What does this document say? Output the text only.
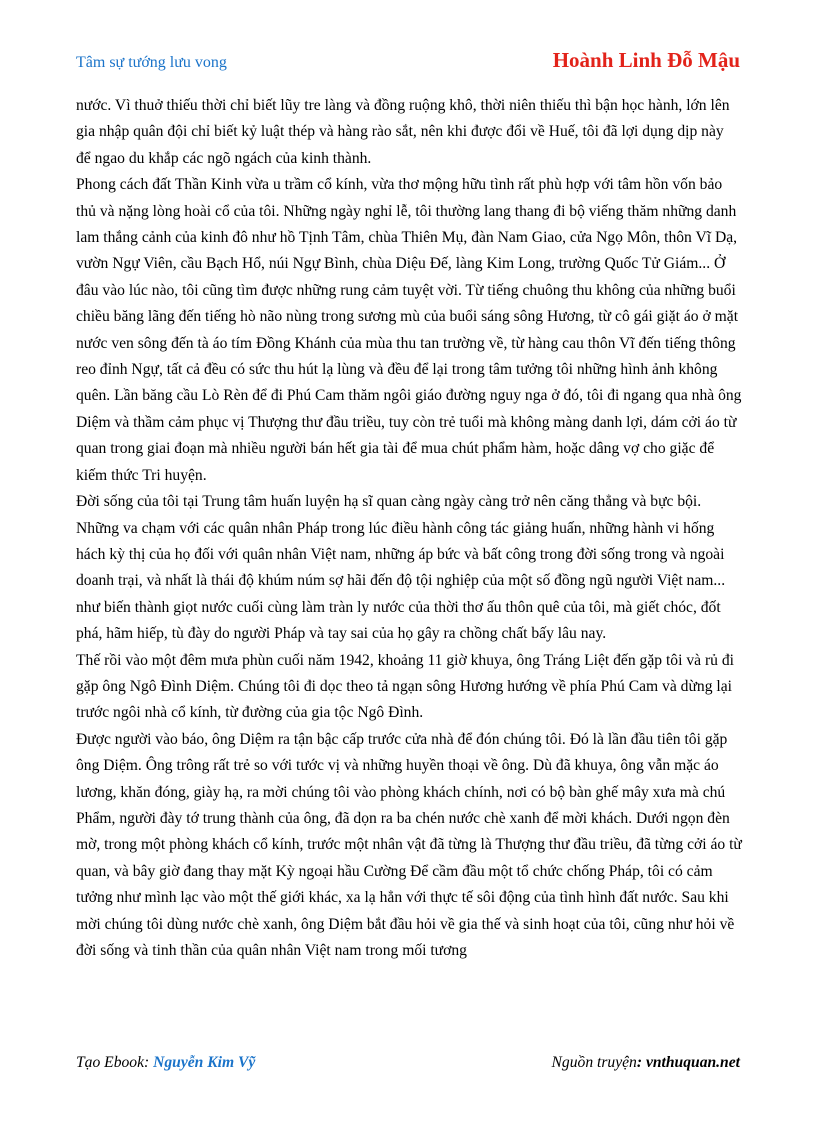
Tâm sự tướng lưu vong	Hoành Linh Đỗ Mậu

nước. Vì thuở thiếu thời chỉ biết lũy tre làng và đồng ruộng khô, thời niên thiếu thì bận học hành, lớn lên gia nhập quân đội chỉ biết kỷ luật thép và hàng rào sắt, nên khi được đổi về Huế, tôi đã lợi dụng dịp này để ngao du khắp các ngõ ngách của kinh thành.

Phong cách đất Thần Kinh vừa u trầm cổ kính, vừa thơ mộng hữu tình rất phù hợp với tâm hồn vốn bảo thủ và nặng lòng hoài cổ của tôi. Những ngày nghỉ lễ, tôi thường lang thang đi bộ viếng thăm những danh lam thắng cảnh của kinh đô như hồ Tịnh Tâm, chùa Thiên Mụ, đàn Nam Giao, cửa Ngọ Môn, thôn Vĩ Dạ, vườn Ngự Viên, cầu Bạch Hổ, núi Ngự Bình, chùa Diệu Đế, làng Kim Long, trường Quốc Tử Giám... Ở đâu vào lúc nào, tôi cũng tìm được những rung cảm tuyệt vời. Từ tiếng chuông thu không của những buổi chiều băng lãng đến tiếng hò não nùng trong sương mù của buổi sáng sông Hương, từ cô gái giặt áo ở mặt nước ven sông đến tà áo tím Đồng Khánh của mùa thu tan trường về, từ hàng cau thôn Vĩ đến tiếng thông reo đỉnh Ngự, tất cả đều có sức thu hút lạ lùng và đều để lại trong tâm tưởng tôi những hình ảnh không quên. Lần băng cầu Lò Rèn để đi Phú Cam thăm ngôi giáo đường nguy nga ở đó, tôi đi ngang qua nhà ông Diệm và thầm cảm phục vị Thượng thư đầu triều, tuy còn trẻ tuổi mà không màng danh lợi, dám cởi áo từ quan trong giai đoạn mà nhiều người bán hết gia tài để mua chút phẩm hàm, hoặc dâng vợ cho giặc để kiếm thức Tri huyện.

Đời sống của tôi tại Trung tâm huấn luyện hạ sĩ quan càng ngày càng trở nên căng thẳng và bực bội. Những va chạm với các quân nhân Pháp trong lúc điều hành công tác giảng huấn, những hành vi hống hách kỳ thị của họ đối với quân nhân Việt nam, những áp bức và bất công trong đời sống trong và ngoài doanh trại, và nhất là thái độ khúm núm sợ hãi đến độ tội nghiệp của một số đồng ngũ người Việt nam... như biến thành giọt nước cuối cùng làm tràn ly nước của thời thơ ấu thôn quê của tôi, mà giết chóc, đốt phá, hãm hiếp, tù đày do người Pháp và tay sai của họ gây ra chồng chất bấy lâu nay.

Thế rồi vào một đêm mưa phùn cuối năm 1942, khoảng 11 giờ khuya, ông Tráng Liệt đến gặp tôi và rủ đi gặp ông Ngô Đình Diệm. Chúng tôi đi dọc theo tả ngạn sông Hương hướng về phía Phú Cam và dừng lại trước ngôi nhà cổ kính, từ đường của gia tộc Ngô Đình.

Được người vào báo, ông Diệm ra tận bậc cấp trước cửa nhà để đón chúng tôi. Đó là lần đầu tiên tôi gặp ông Diệm. Ông trông rất trẻ so với tước vị và những huyền thoại về ông. Dù đã khuya, ông vẫn mặc áo lương, khăn đóng, giày hạ, ra mời chúng tôi vào phòng khách chính, nơi có bộ bàn ghế mây xưa mà chú Phẩm, người đày tớ trung thành của ông, đã dọn ra ba chén nước chè xanh để mời khách. Dưới ngọn đèn mờ, trong một phòng khách cổ kính, trước một nhân vật đã từng là Thượng thư đầu triều, đã từng cởi áo từ quan, và bây giờ đang thay mặt Kỳ ngoại hầu Cường Để cầm đầu một tổ chức chống Pháp, tôi có cảm tưởng như mình lạc vào một thế giới khác, xa lạ hẳn với thực tế sôi động của tình hình đất nước. Sau khi mời chúng tôi dùng nước chè xanh, ông Diệm bắt đầu hỏi về gia thế và sinh hoạt của tôi, cũng như hỏi về đời sống và tinh thần của quân nhân Việt nam trong mối tương

Tạo Ebook: Nguyễn Kim Vỹ	Nguồn truyện: vnthuquan.net
